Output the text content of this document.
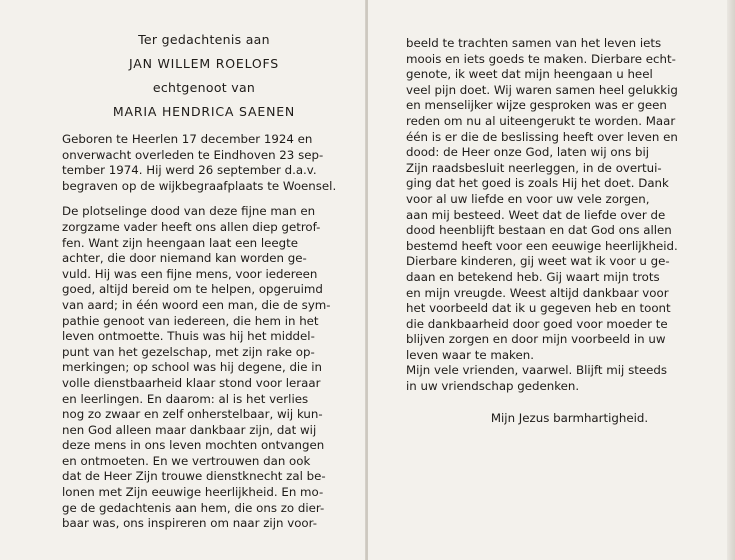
Ter gedachtenis aan
JAN WILLEM ROELOFS
echtgenoot van
MARIA HENDRICA SAENEN
Geboren te Heerlen 17 december 1924 en
onverwacht overleden te Eindhoven 23 sep-
tember 1974. Hij werd 26 september d.a.v.
begraven op de wijkbegraafplaats te Woensel.
De plotselinge dood van deze fijne man en
zorgzame vader heeft ons allen diep getrof-
fen. Want zijn heengaan laat een leegte
achter, die door niemand kan worden ge-
vuld. Hij was een fijne mens, voor iedereen
goed, altijd bereid om te helpen, opgeruimd
van aard; in één woord een man, die de sym-
pathie genoot van iedereen, die hem in het
leven ontmoette. Thuis was hij het middel-
punt van het gezelschap, met zijn rake op-
merkingen; op school was hij degene, die in
volle dienstbaarheid klaar stond voor leraar
en leerlingen. En daarom: al is het verlies
nog zo zwaar en zelf onherstelbaar, wij kun-
nen God alleen maar dankbaar zijn, dat wij
deze mens in ons leven mochten ontvangen
en ontmoeten. En we vertrouwen dan ook
dat de Heer Zijn trouwe dienstknecht zal be-
lonen met Zijn eeuwige heerlijkheid. En mo-
ge de gedachtenis aan hem, die ons zo dier-
baar was, ons inspireren om naar zijn voor-
beeld te trachten samen van het leven iets
moois en iets goeds te maken. Dierbare echt-
genote, ik weet dat mijn heengaan u heel
veel pijn doet. Wij waren samen heel gelukkig
en menselijker wijze gesproken was er geen
reden om nu al uiteengerukt te worden. Maar
één is er die de beslissing heeft over leven en
dood: de Heer onze God, laten wij ons bij
Zijn raadsbesluit neerleggen, in de overtui-
ging dat het goed is zoals Hij het doet. Dank
voor al uw liefde en voor uw vele zorgen,
aan mij besteed. Weet dat de liefde over de
dood heenblijft bestaan en dat God ons allen
bestemd heeft voor een eeuwige heerlijkheid.
Dierbare kinderen, gij weet wat ik voor u ge-
daan en betekend heb. Gij waart mijn trots
en mijn vreugde. Weest altijd dankbaar voor
het voorbeeld dat ik u gegeven heb en toont
die dankbaarheid door goed voor moeder te
blijven zorgen en door mijn voorbeeld in uw
leven waar te maken.
Mijn vele vrienden, vaarwel. Blijft mij steeds
in uw vriendschap gedenken.
Mijn Jezus barmhartigheid.
